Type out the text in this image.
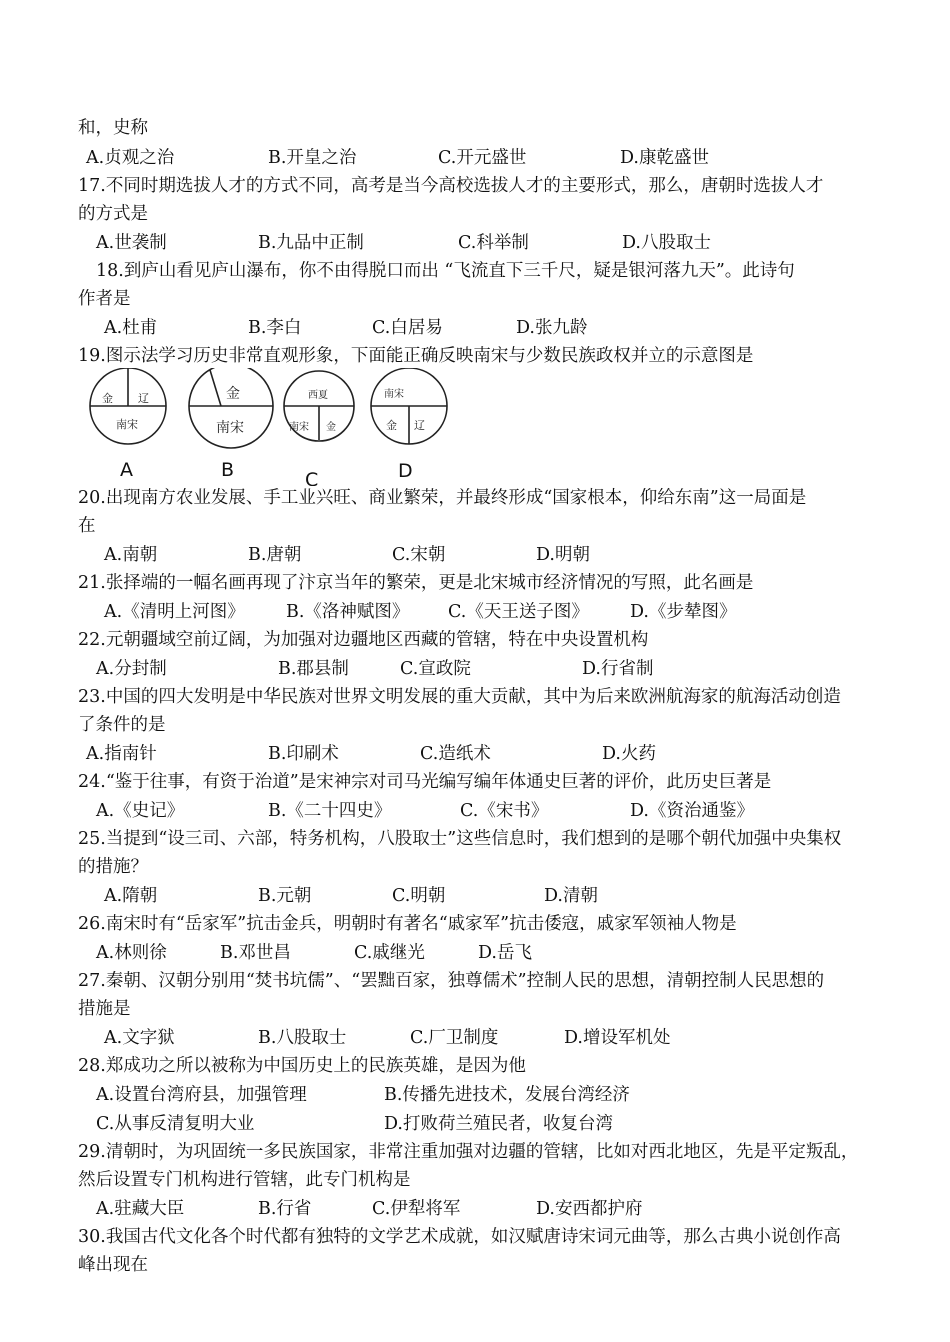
和，史称
A.贞观之治	B.开皇之治	C.开元盛世	D.康乾盛世
17.不同时期选拔人才的方式不同，高考是当今高校选拔人才的主要形式，那么，唐朝时选拔人才
的方式是
A.世袭制	B.九品中正制	C.科举制	D.八股取士
18.到庐山看见庐山瀑布，你不由得脱口而出 “飞流直下三千尺，疑是银河落九天”。此诗句
作者是
A.杜甫	B.李白	C.白居易	D.张九龄
19.图示法学习历史非常直观形象，下面能正确反映南宋与少数民族政权并立的示意图是
金 辽
南宋
金
南宋
西夏
南宋 金
南宋
金 辽
A	B	C	D
20.出现南方农业发展、手工业兴旺、商业繁荣，并最终形成“国家根本，仰给东南”这一局面是
在
A.南朝	B.唐朝	C.宋朝	D.明朝
21.张择端的一幅名画再现了汴京当年的繁荣，更是北宋城市经济情况的写照，此名画是
A.《清明上河图》 B.《洛神赋图》 C.《天王送子图》 D.《步辇图》
22.元朝疆域空前辽阔，为加强对边疆地区西藏的管辖，特在中央设置机构
A.分封制	B.郡县制	C.宣政院	D.行省制
23.中国的四大发明是中华民族对世界文明发展的重大贡献，其中为后来欧洲航海家的航海活动创造
了条件的是
A.指南针	B.印刷术	C.造纸术	D.火药
24.“鉴于往事，有资于治道”是宋神宗对司马光编写编年体通史巨著的评价，此历史巨著是
A.《史记》	B.《二十四史》	C.《宋书》	D.《资治通鉴》
25.当提到“设三司、六部，特务机构，八股取士”这些信息时，我们想到的是哪个朝代加强中央集权
的措施？
A.隋朝	B.元朝	C.明朝	D.清朝
26.南宋时有“岳家军”抗击金兵，明朝时有著名“戚家军”抗击倭寇，戚家军领袖人物是
A.林则徐	B.邓世昌	C.戚继光	D.岳飞
27.秦朝、汉朝分别用“焚书坑儒”、“罢黜百家，独尊儒术”控制人民的思想，清朝控制人民思想的
措施是
A.文字狱	B.八股取士	C.厂卫制度	D.增设军机处
28.郑成功之所以被称为中国历史上的民族英雄，是因为他
A.设置台湾府县，加强管理	B.传播先进技术，发展台湾经济
C.从事反清复明大业	D.打败荷兰殖民者，收复台湾
29.清朝时，为巩固统一多民族国家，非常注重加强对边疆的管辖，比如对西北地区，先是平定叛乱，
然后设置专门机构进行管辖，此专门机构是
A.驻藏大臣	B.行省	C.伊犁将军	D.安西都护府
30.我国古代文化各个时代都有独特的文学艺术成就，如汉赋唐诗宋词元曲等，那么古典小说创作高
峰出现在
